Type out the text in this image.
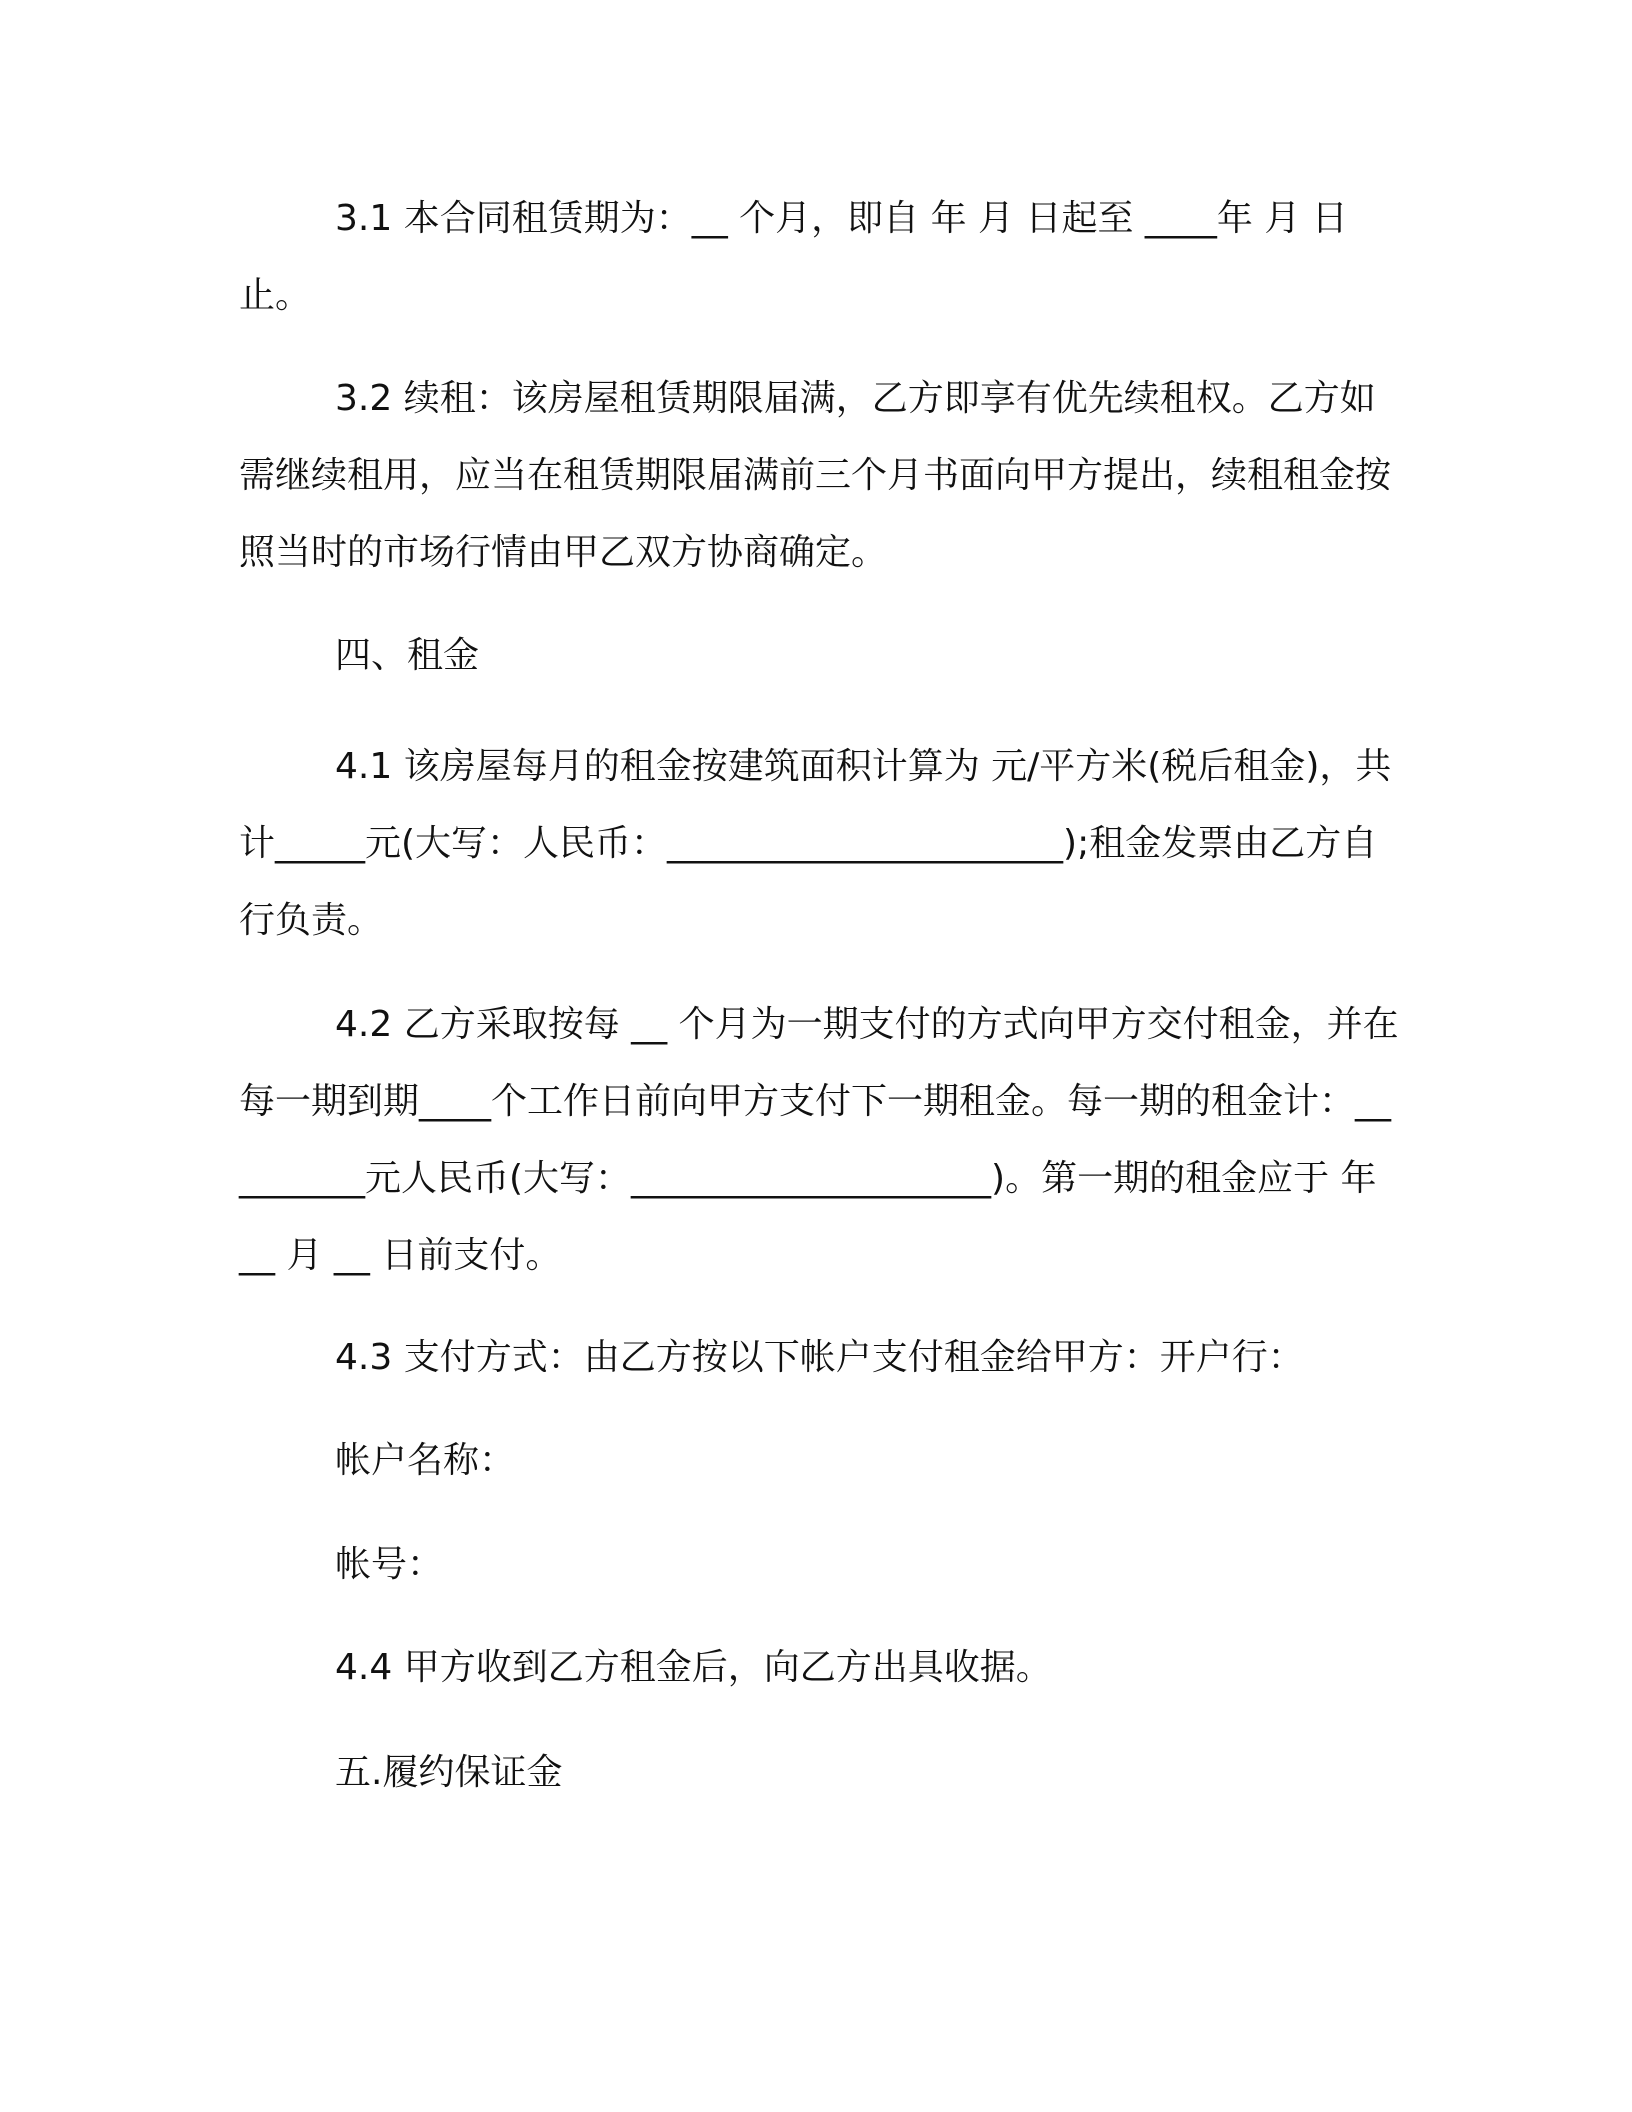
3.1 本合同租赁期为：__ 个月，即自 年 月 日起至 ____年 月 日止。

3.2 续租：该房屋租赁期限届满，乙方即享有优先续租权。乙方如需继续租用，应当在租赁期限届满前三个月书面向甲方提出，续租租金按照当时的市场行情由甲乙双方协商确定。

四、租金

4.1 该房屋每月的租金按建筑面积计算为 元/平方米(税后租金)，共计_____元(大写：人民币：______________________);租金发票由乙方自行负责。

4.2 乙方采取按每 __ 个月为一期支付的方式向甲方交付租金，并在每一期到期____个工作日前向甲方支付下一期租金。每一期的租金计：_________元人民币(大写：____________________)。第一期的租金应于 年 __ 月 __ 日前支付。

4.3 支付方式：由乙方按以下帐户支付租金给甲方：开户行：

帐户名称：

帐号：

4.4 甲方收到乙方租金后，向乙方出具收据。

五.履约保证金
